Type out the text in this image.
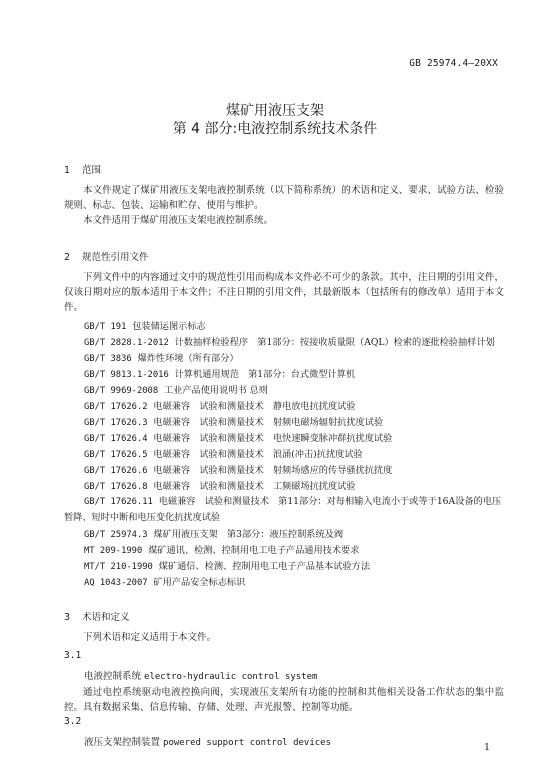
GB 25974.4—20XX
煤矿用液压支架
第 4 部分:电液控制系统技术条件
1 范围
本文件规定了煤矿用液压支架电液控制系统（以下简称系统）的术语和定义、要求、试验方法、检验规则、标志、包装、运输和贮存、使用与维护。
本文件适用于煤矿用液压支架电液控制系统。
2 规范性引用文件
下列文件中的内容通过文中的规范性引用而构成本文件必不可少的条款。其中，注日期的引用文件，仅该日期对应的版本适用于本文件；不注日期的引用文件，其最新版本（包括所有的修改单）适用于本文件。
GB/T 191 包装储运图示标志
GB/T 2828.1-2012 计数抽样检验程序　第1部分：按接收质量限（AQL）检索的逐批检验抽样计划
GB/T 3836 爆炸性环境（所有部分）
GB/T 9813.1-2016 计算机通用规范　第1部分：台式微型计算机
GB/T 9969-2008 工业产品使用说明书 总则
GB/T 17626.2 电磁兼容　试验和测量技术　静电放电抗扰度试验
GB/T 17626.3 电磁兼容　试验和测量技术　射频电磁场辐射抗扰度试验
GB/T 17626.4 电磁兼容　试验和测量技术　电快速瞬变脉冲群抗扰度试验
GB/T 17626.5 电磁兼容　试验和测量技术　浪涌(冲击)抗扰度试验
GB/T 17626.6 电磁兼容　试验和测量技术　射频场感应的传导骚扰抗扰度
GB/T 17626.8 电磁兼容　试验和测量技术　工频磁场抗扰度试验
GB/T 17626.11 电磁兼容　试验和测量技术　第11部分：对每相输入电流小于或等于16A设备的电压暂降、短时中断和电压变化抗扰度试验
GB/T 25974.3 煤矿用液压支架　第3部分：液压控制系统及阀
MT 209-1990 煤矿通讯、检测、控制用电工电子产品通用技术要求
MT/T 210-1990 煤矿通信、检测、控制用电工电子产品基本试验方法
AQ 1043-2007 矿用产品安全标志标识
3 术语和定义
下列术语和定义适用于本文件。
3.1
电液控制系统 electro-hydraulic control system
通过电控系统驱动电液控换向阀，实现液压支架所有功能的控制和其他相关设备工作状态的集中监控。具有数据采集、信息传输、存储、处理、声光报警、控制等功能。
3.2
液压支架控制装置 powered support control devices	1
